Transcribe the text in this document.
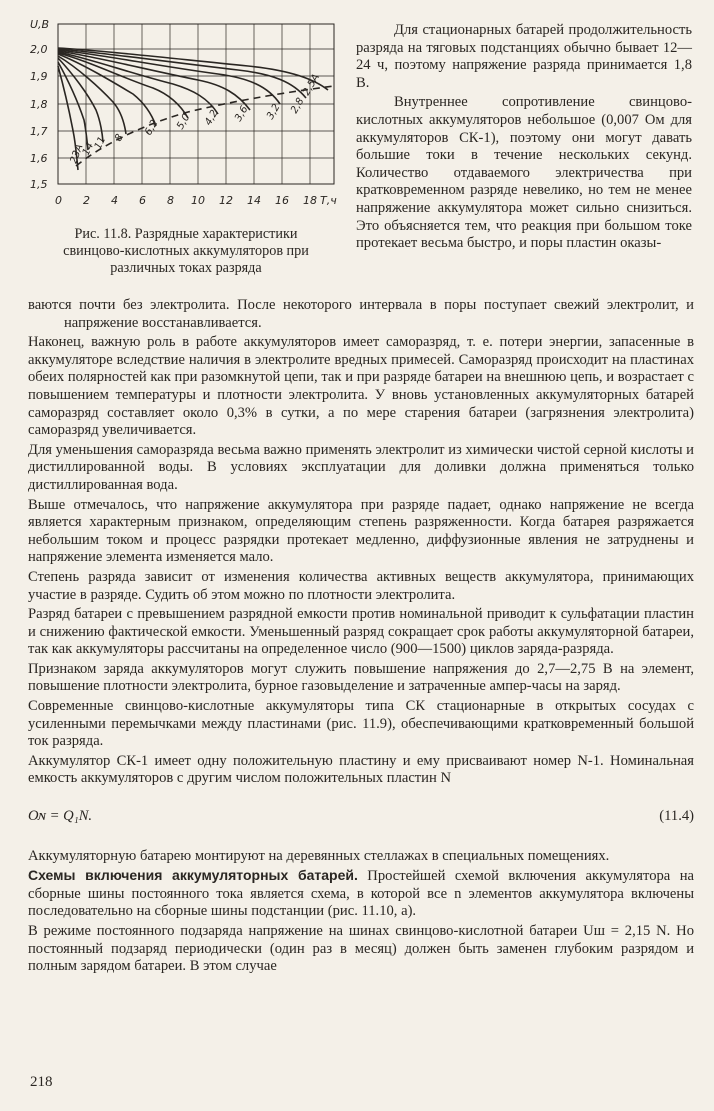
2,5A
2,8
3,2
3,6
4,2
5,0
6,2
8
11
14
23A
U,В
2,0
1,9
1,8
1,7
1,6
1,5
0 2 4 6 8 10 12 14 16 18 Т,ч
Рис. 11.8. Разрядные характеристики
свинцово-кислотных аккумуляторов при
различных токах разряда

Для стационарных батарей продолжительность разряда на тяговых подстанциях обычно бывает 12—24 ч, поэтому напряжение разряда принимается 1,8 В.

Внутреннее сопротивление свинцово-кислотных аккумуляторов небольшое (0,007 Ом для аккумуляторов СК-1), поэтому они могут давать большие токи в течение нескольких секунд. Количество отдаваемого электричества при кратковременном разряде невелико, но тем не менее напряжение аккумулятора может сильно снизиться. Это объясняется тем, что реакция при большом токе протекает весьма быстро, и поры пластин оказы-

ваются почти без электролита. После некоторого интервала в поры поступает свежий электролит, и напряжение восстанавливается.

Наконец, важную роль в работе аккумуляторов имеет саморазряд, т. е. потери энергии, запасенные в аккумуляторе вследствие наличия в электролите вредных примесей. Саморазряд происходит на пластинах обеих полярностей как при разомкнутой цепи, так и при разряде батареи на внешнюю цепь, и возрастает с повышением температуры и плотности электролита. У вновь установленных аккумуляторных батарей саморазряд составляет около 0,3% в сутки, а по мере старения батареи (загрязнения электролита) саморазряд увеличивается.

Для уменьшения саморазряда весьма важно применять электролит из химически чистой серной кислоты и дистиллированной воды. В условиях эксплуатации для доливки должна применяться только дистиллированная вода.

Выше отмечалось, что напряжение аккумулятора при разряде падает, однако напряжение не всегда является характерным признаком, определяющим степень разряженности. Когда батарея разряжается небольшим током и процесс разрядки протекает медленно, диффузионные явления не затруднены и напряжение элемента изменяется мало.

Степень разряда зависит от изменения количества активных веществ аккумулятора, принимающих участие в разряде. Судить об этом можно по плотности электролита.

Разряд батареи с превышением разрядной емкости против номинальной приводит к сульфатации пластин и снижению фактической емкости. Уменьшенный разряд сокращает срок работы аккумуляторной батареи, так как аккумуляторы рассчитаны на определенное число (900—1500) циклов заряда-разряда.

Признаком заряда аккумуляторов могут служить повышение напряжения до 2,7—2,75 В на элемент, повышение плотности электролита, бурное газовыделение и затраченные ампер-часы на заряд.

Современные свинцово-кислотные аккумуляторы типа СК стационарные в открытых сосудах с усиленными перемычками между пластинами (рис. 11.9), обеспечивающими кратковременный большой ток разряда.

Аккумулятор СК-1 имеет одну положительную пластину и ему присваивают номер N-1. Номинальная емкость аккумуляторов с другим числом положительных пластин N

Oɴ = Q₁N.	(11.4)

Аккумуляторную батарею монтируют на деревянных стеллажах в специальных помещениях.

Схемы включения аккумуляторных батарей. Простейшей схемой включения аккумулятора на сборные шины постоянного тока является схема, в которой все n элементов аккумулятора включены последовательно на сборные шины подстанции (рис. 11.10, а).

В режиме постоянного подзаряда напряжение на шинах свинцово-кислотной батареи Uш = 2,15 N. Но постоянный подзаряд периодически (один раз в месяц) должен быть заменен глубоким разрядом и полным зарядом батареи. В этом случае

218
